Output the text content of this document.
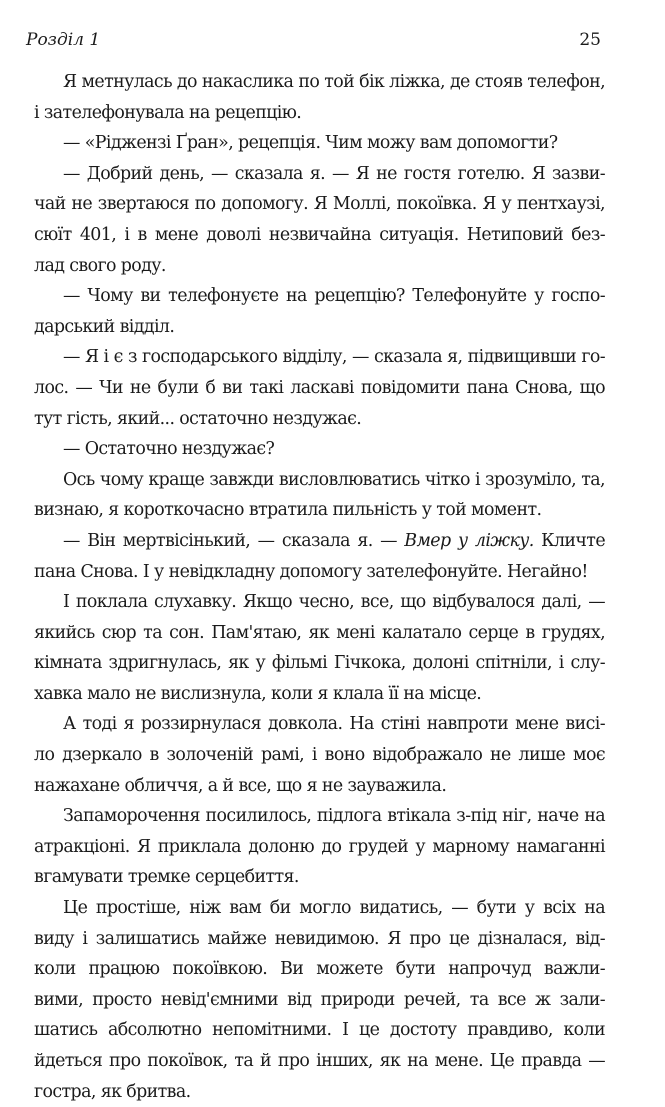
Розділ 1	25
Я метнулась до накаслика по той бік ліжка, де стояв телефон,
і зателефонувала на рецепцію.
— «Ріджензі Ґран», рецепція. Чим можу вам допомогти?
— Добрий день, — сказала я. — Я не гостя готелю. Я зазви-
чай не звертаюся по допомогу. Я Моллі, покоївка. Я у пентхаузі,
сюїт 401, і в мене доволі незвичайна ситуація. Нетиповий без-
лад свого роду.
— Чому ви телефонуєте на рецепцію? Телефонуйте у госпо-
дарський відділ.
— Я і є з господарського відділу, — сказала я, підвищивши го-
лос. — Чи не були б ви такі ласкаві повідомити пана Снова, що
тут гість, який... остаточно нездужає.
— Остаточно нездужає?
Ось чому краще завжди висловлюватись чітко і зрозуміло, та,
визнаю, я короткочасно втратила пильність у той момент.
— Він мертвісінький, — сказала я. — Вмер у ліжку. Кличте
пана Снова. І у невідкладну допомогу зателефонуйте. Негайно!
І поклала слухавку. Якщо чесно, все, що відбувалося далі, —
якийсь сюр та сон. Пам'ятаю, як мені калатало серце в грудях,
кімната здригнулась, як у фільмі Гічкока, долоні спітніли, і слу-
хавка мало не вислизнула, коли я клала її на місце.
А тоді я роззирнулася довкола. На стіні навпроти мене висі-
ло дзеркало в золоченій рамі, і воно відображало не лише моє
нажахане обличчя, а й все, що я не зауважила.
Запаморочення посилилось, підлога втікала з-під ніг, наче на
атракціоні. Я приклала долоню до грудей у марному намаганні
вгамувати тремке серцебиття.
Це простіше, ніж вам би могло видатись, — бути у всіх на
виду і залишатись майже невидимою. Я про це дізналася, від-
коли працюю покоївкою. Ви можете бути напрочуд важли-
вими, просто невід'ємними від природи речей, та все ж зали-
шатись абсолютно непомітними. І це достоту правдиво, коли
йдеться про покоївок, та й про інших, як на мене. Це правда —
гостра, як бритва.
